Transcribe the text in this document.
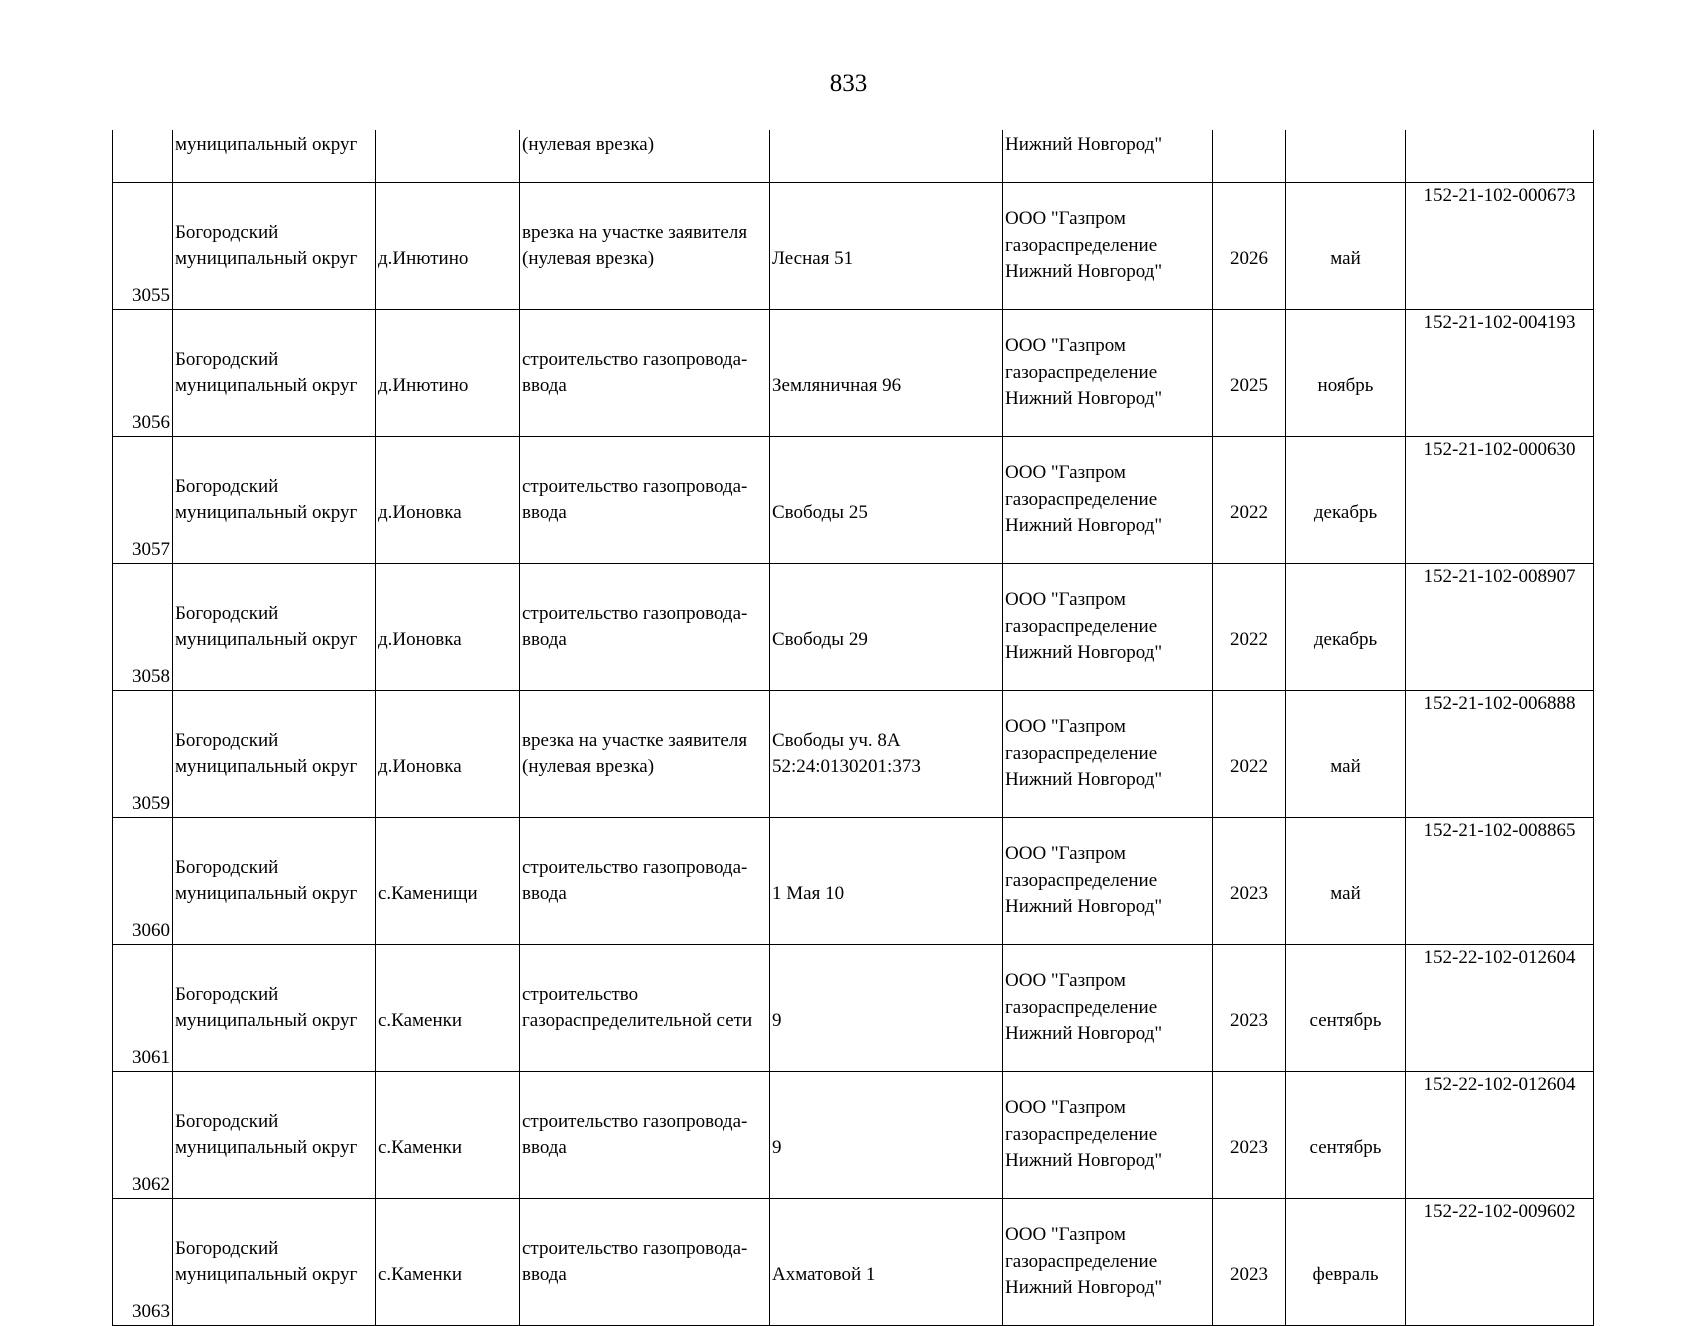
833
	муниципальный округ		(нулевая врезка)		Нижний Новгород"			
3055	Богородский
муниципальный округ	д.Инютино	врезка на участке заявителя
(нулевая врезка)	Лесная 51	ООО "Газпром
газораспределение
Нижний Новгород"	2026	май	152-21-102-000673
3056	Богородский
муниципальный округ	д.Инютино	строительство газопровода-
ввода	Земляничная 96	ООО "Газпром
газораспределение
Нижний Новгород"	2025	ноябрь	152-21-102-004193
3057	Богородский
муниципальный округ	д.Ионовка	строительство газопровода-
ввода	Свободы 25	ООО "Газпром
газораспределение
Нижний Новгород"	2022	декабрь	152-21-102-000630
3058	Богородский
муниципальный округ	д.Ионовка	строительство газопровода-
ввода	Свободы 29	ООО "Газпром
газораспределение
Нижний Новгород"	2022	декабрь	152-21-102-008907
3059	Богородский
муниципальный округ	д.Ионовка	врезка на участке заявителя
(нулевая врезка)	Свободы уч. 8А
52:24:0130201:373	ООО "Газпром
газораспределение
Нижний Новгород"	2022	май	152-21-102-006888
3060	Богородский
муниципальный округ	с.Каменищи	строительство газопровода-
ввода	1 Мая 10	ООО "Газпром
газораспределение
Нижний Новгород"	2023	май	152-21-102-008865
3061	Богородский
муниципальный округ	с.Каменки	строительство
газораспределительной сети	9	ООО "Газпром
газораспределение
Нижний Новгород"	2023	сентябрь	152-22-102-012604
3062	Богородский
муниципальный округ	с.Каменки	строительство газопровода-
ввода	9	ООО "Газпром
газораспределение
Нижний Новгород"	2023	сентябрь	152-22-102-012604
3063	Богородский
муниципальный округ	с.Каменки	строительство газопровода-
ввода	Ахматовой 1	ООО "Газпром
газораспределение
Нижний Новгород"	2023	февраль	152-22-102-009602
